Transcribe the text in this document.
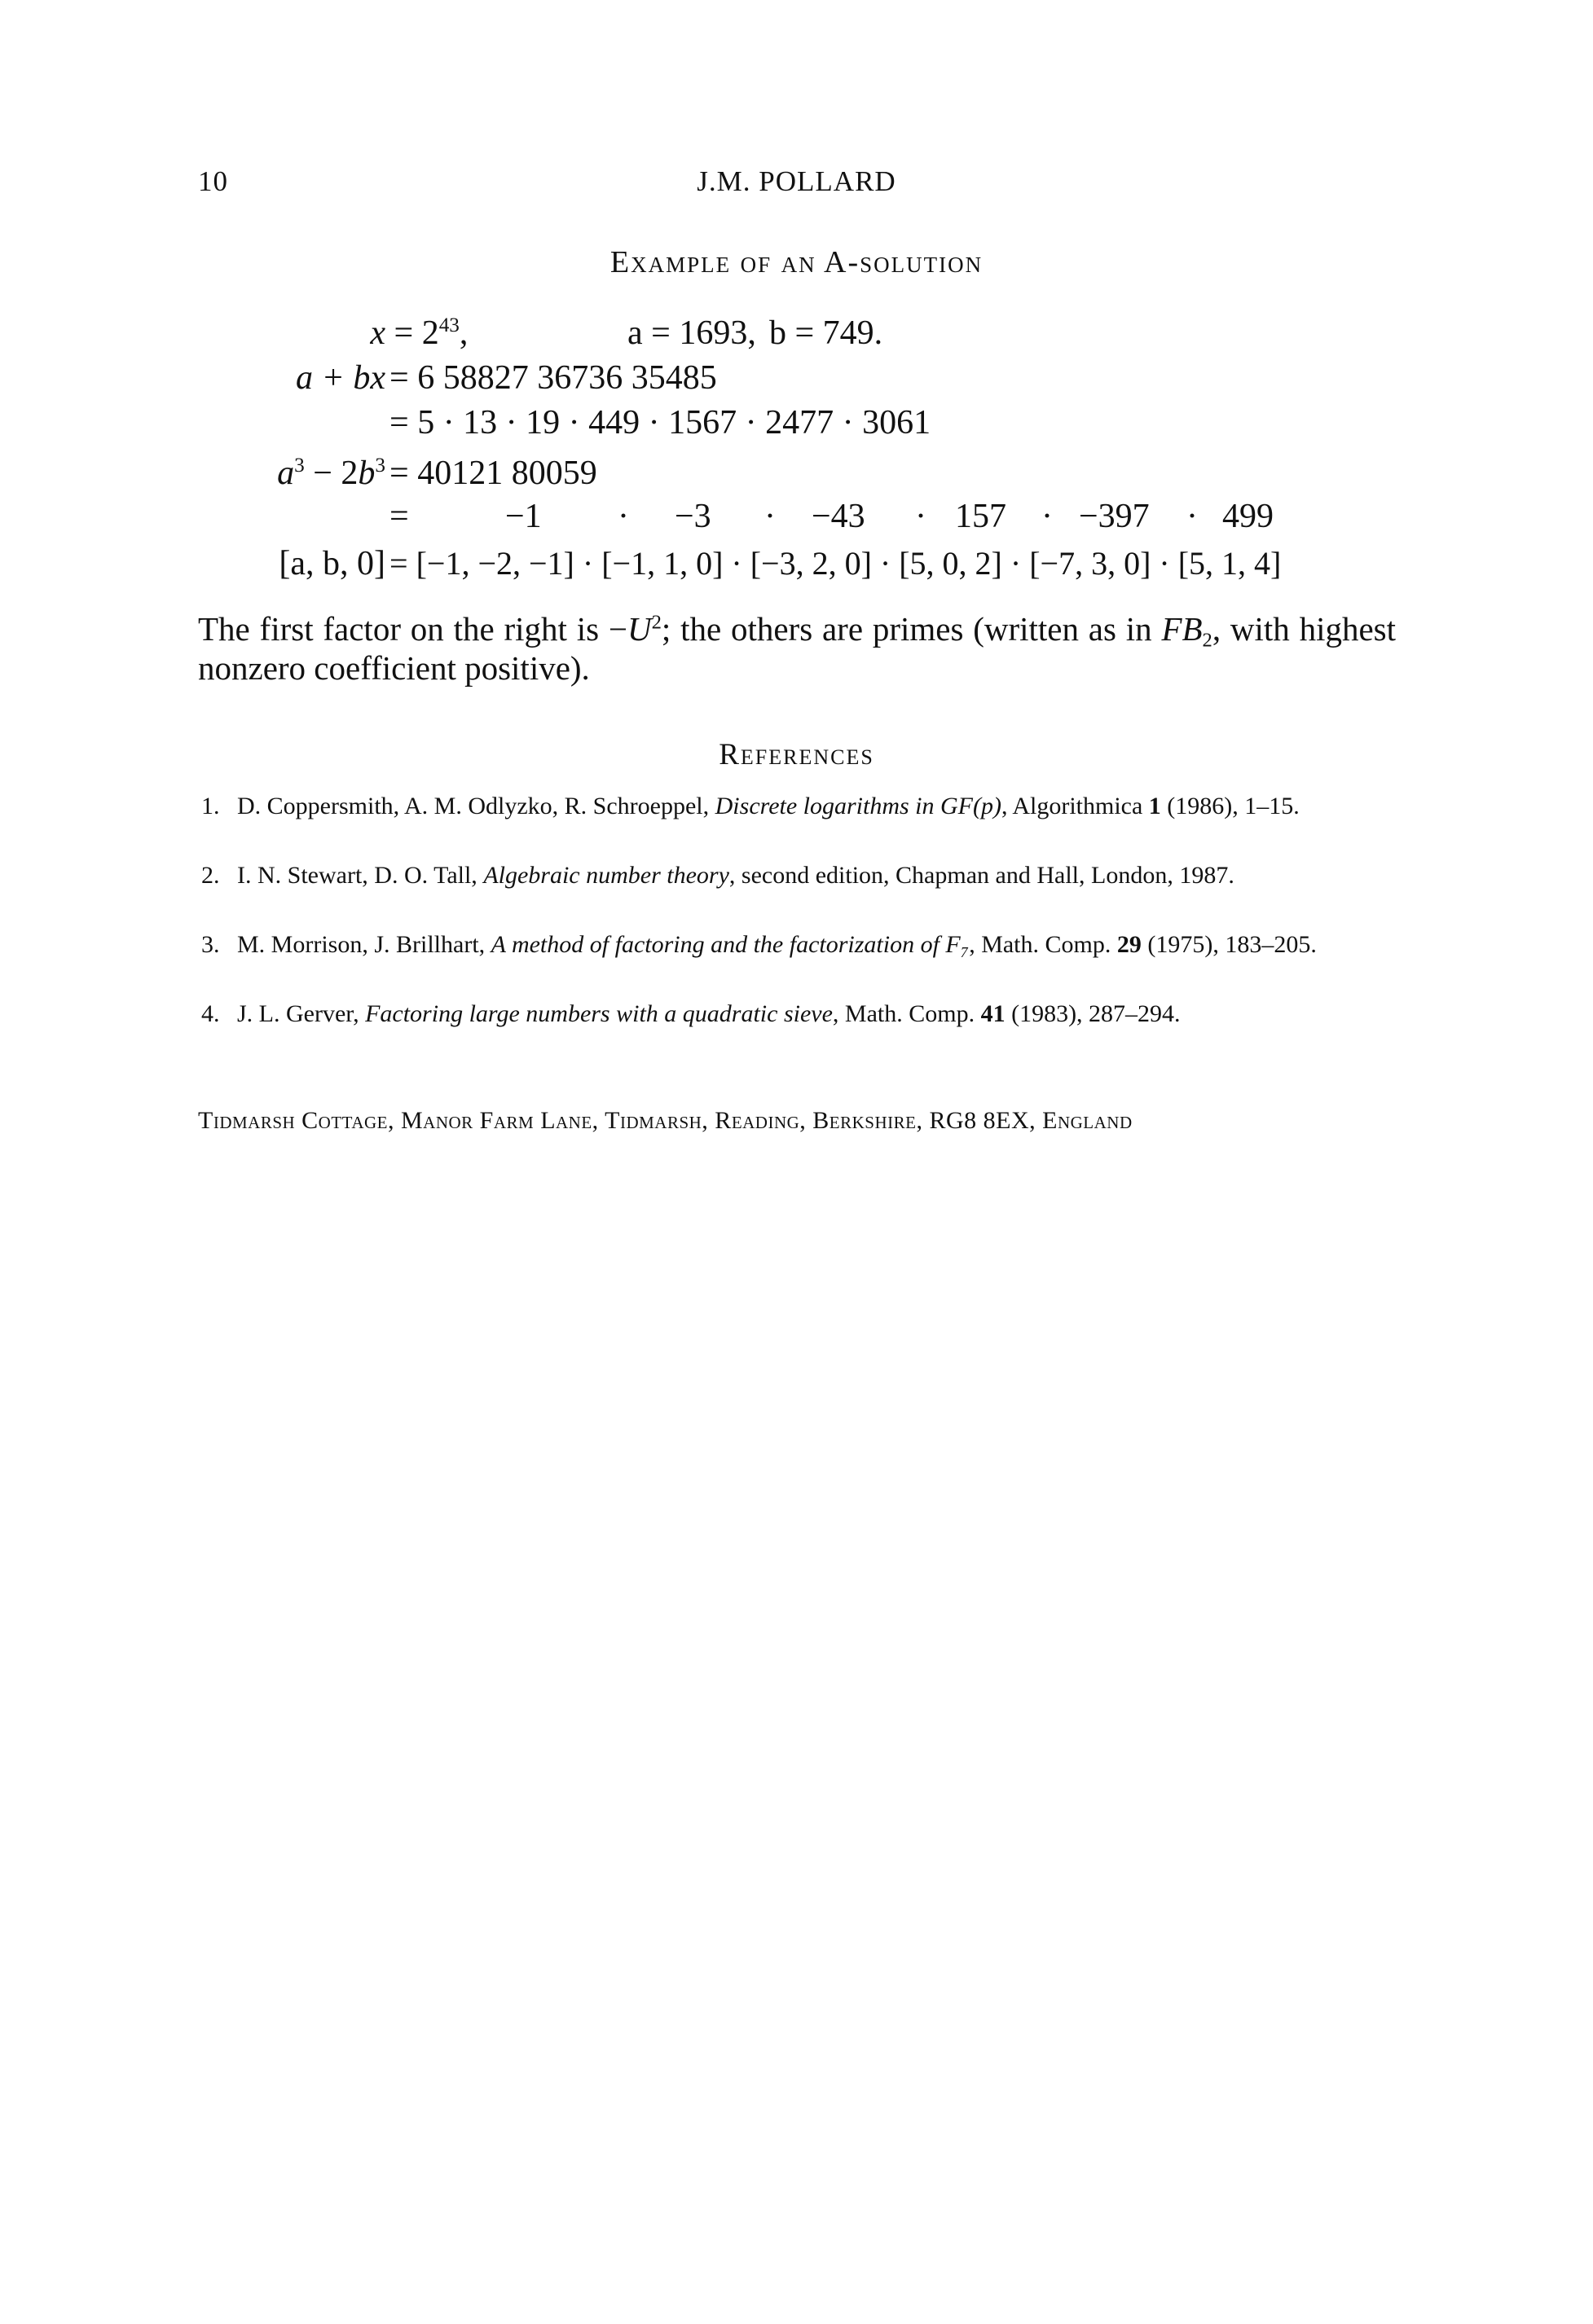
10	J.M. POLLARD
Example of an A-solution
$x = 2^{43}$,	a = 1693, b = 749.
a + bx = 6 58827 36736 35485
= 5 · 13 · 19 · 449 · 1567 · 2477 · 3061
$a^3 - 2b^3 = 40121$ 80059
=	−1 · −3 · −43 · 157 · −397 · 499
[a, b, 0] = [−1, −2, −1] · [−1, 1, 0] · [−3, 2, 0] · [5, 0, 2] · [−7, 3, 0] · [5, 1, 4]
The first factor on the right is $-U^2$; the others are primes (written as in $FB_2$, with highest nonzero coefficient positive).
References
1. D. Coppersmith, A. M. Odlyzko, R. Schroeppel, Discrete logarithms in GF(p), Algorithmica 1 (1986), 1–15.
2. I. N. Stewart, D. O. Tall, Algebraic number theory, second edition, Chapman and Hall, London, 1987.
3. M. Morrison, J. Brillhart, A method of factoring and the factorization of F₇, Math. Comp. 29 (1975), 183–205.
4. J. L. Gerver, Factoring large numbers with a quadratic sieve, Math. Comp. 41 (1983), 287–294.
Tidmarsh Cottage, Manor Farm Lane, Tidmarsh, Reading, Berkshire, RG8 8EX, England
